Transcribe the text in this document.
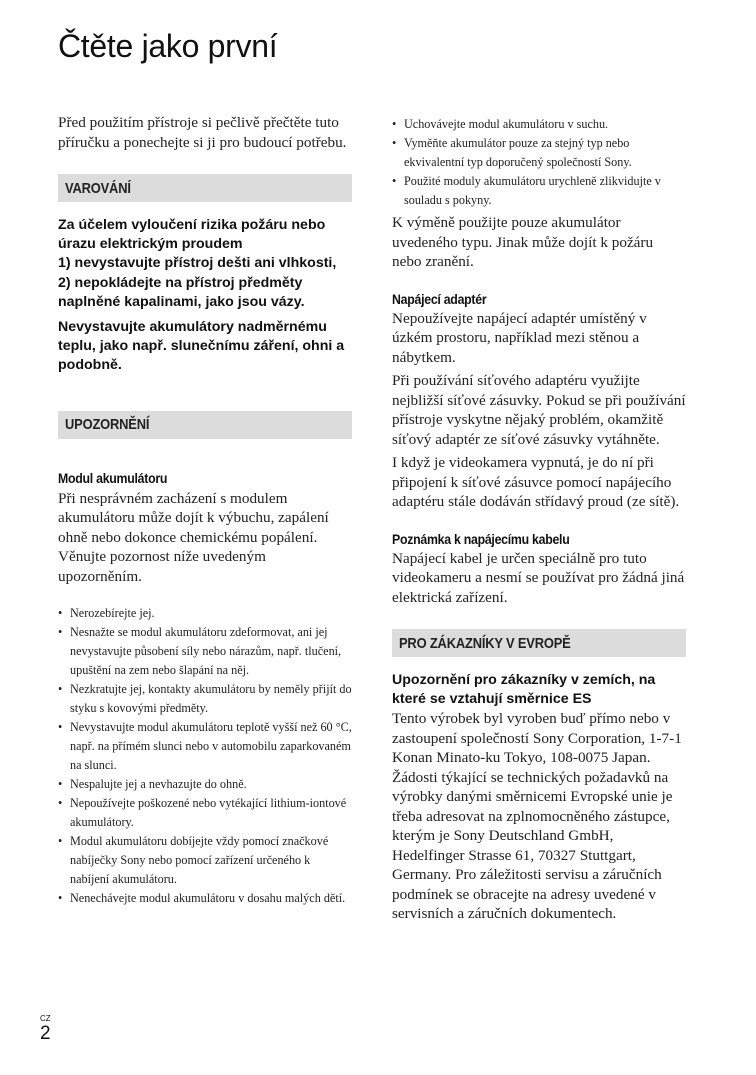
Čtěte jako první

Před použitím přístroje si pečlivě přečtěte tuto příručku a ponechejte si ji pro budoucí potřebu.

VAROVÁNÍ

Za účelem vyloučení rizika požáru nebo úrazu elektrickým proudem
1) nevystavujte přístroj dešti ani vlhkosti,
2) nepokládejte na přístroj předměty naplněné kapalinami, jako jsou vázy.

Nevystavujte akumulátory nadměrnému teplu, jako např. slunečnímu záření, ohni a podobně.

UPOZORNĚNÍ

Modul akumulátoru

Při nesprávném zacházení s modulem akumulátoru může dojít k výbuchu, zapálení ohně nebo dokonce chemickému popálení. Věnujte pozornost níže uvedeným upozorněním.

• Nerozebírejte jej.
• Nesnažte se modul akumulátoru zdeformovat, ani jej nevystavujte působení síly nebo nárazům, např. tlučení, upuštění na zem nebo šlapání na něj.
• Nezkratujte jej, kontakty akumulátoru by neměly přijít do styku s kovovými předměty.
• Nevystavujte modul akumulátoru teplotě vyšší než 60 °C, např. na přímém slunci nebo v automobilu zaparkovaném na slunci.
• Nespalujte jej a nevhazujte do ohně.
• Nepoužívejte poškozené nebo vytékající lithium-iontové akumulátory.
• Modul akumulátoru dobíjejte vždy pomocí značkové nabíječky Sony nebo pomocí zařízení určeného k nabíjení akumulátoru.
• Nenechávejte modul akumulátoru v dosahu malých dětí.
• Uchovávejte modul akumulátoru v suchu.
• Vyměňte akumulátor pouze za stejný typ nebo ekvivalentní typ doporučený společností Sony.
• Použité moduly akumulátoru urychleně zlikvidujte v souladu s pokyny.

K výměně použijte pouze akumulátor uvedeného typu. Jinak může dojít k požáru nebo zranění.

Napájecí adaptér

Nepoužívejte napájecí adaptér umístěný v úzkém prostoru, například mezi stěnou a nábytkem.

Při používání síťového adaptéru využijte nejbližší síťové zásuvky. Pokud se při používání přístroje vyskytne nějaký problém, okamžitě síťový adaptér ze síťové zásuvky vytáhněte.

I když je videokamera vypnutá, je do ní při připojení k síťové zásuvce pomocí napájecího adaptéru stále dodáván střídavý proud (ze sítě).

Poznámka k napájecímu kabelu

Napájecí kabel je určen speciálně pro tuto videokameru a nesmí se používat pro žádná jiná elektrická zařízení.

PRO ZÁKAZNÍKY V EVROPĚ

Upozornění pro zákazníky v zemích, na které se vztahují směrnice ES

Tento výrobek byl vyroben buď přímo nebo v zastoupení společností Sony Corporation, 1-7-1 Konan Minato-ku Tokyo, 108-0075 Japan. Žádosti týkající se technických požadavků na výrobky danými směrnicemi Evropské unie je třeba adresovat na zplnomocněného zástupce, kterým je Sony Deutschland GmbH, Hedelfinger Strasse 61, 70327 Stuttgart, Germany. Pro záležitosti servisu a záručních podmínek se obracejte na adresy uvedené v servisních a záručních dokumentech.

CZ
2
